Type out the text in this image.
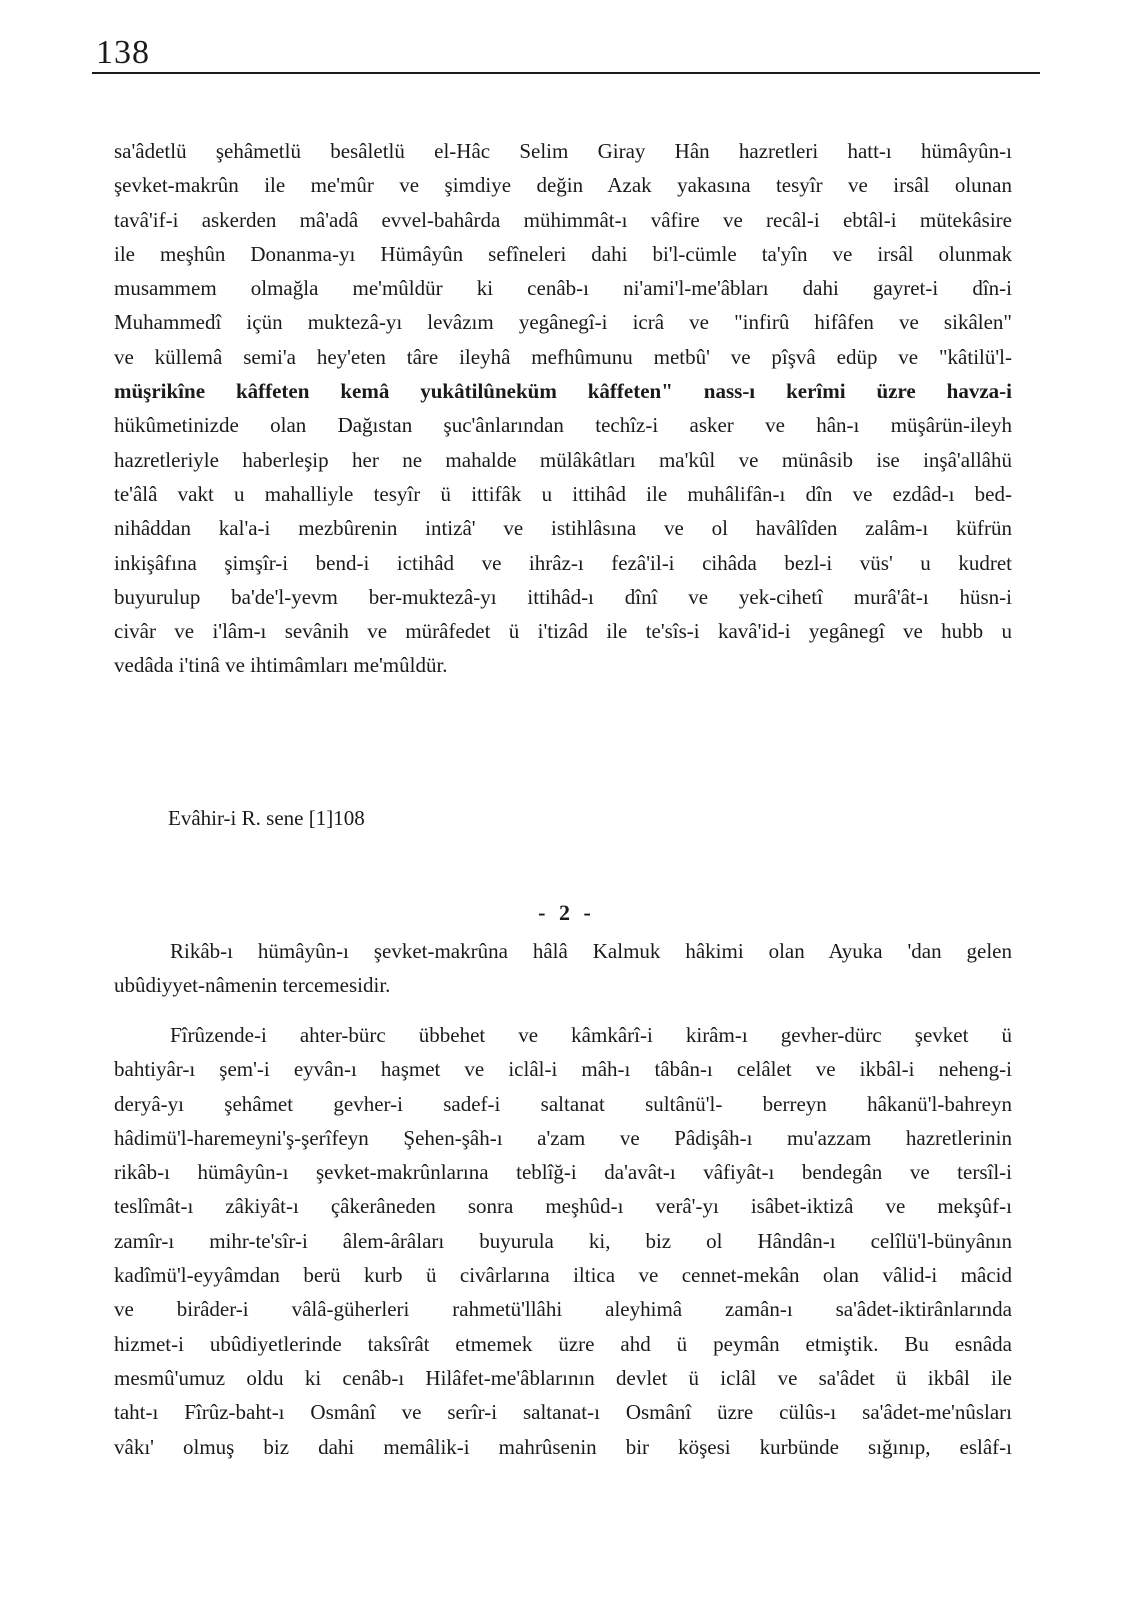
138
sa'âdetlü şehâmetlü besâletlü el-Hâc Selim Giray Hân hazretleri hatt-ı hümâyûn-ı
şevket-makrûn ile me'mûr ve şimdiye değin Azak yakasına tesyîr ve irsâl olunan
tavâ'if-i askerden mâ'adâ evvel-bahârda mühimmât-ı vâfire ve recâl-i ebtâl-i mütekâsire
ile meşhûn Donanma-yı Hümâyûn sefîneleri dahi bi'l-cümle ta'yîn ve irsâl olunmak
musammem olmağla me'mûldür ki cenâb-ı ni'ami'l-me'âbları dahi gayret-i dîn-i
Muhammedî içün muktezâ-yı levâzım yegânegî-i icrâ ve "infirû hifâfen ve sikâlen"
ve küllemâ semi'a hey'eten târe ileyhâ mefhûmunu metbû' ve pîşvâ edüp ve "kâtilü'l-
müşrikîne kâffeten kemâ yukâtilûneküm kâffeten" nass-ı kerîmi üzre havza-i
hükûmetinizde olan Dağıstan şuc'ânlarından techîz-i asker ve hân-ı müşârün-ileyh
hazretleriyle haberleşip her ne mahalde mülâkâtları ma'kûl ve münâsib ise inşâ'allâhü
te'âlâ vakt u mahalliyle tesyîr ü ittifâk u ittihâd ile muhâlifân-ı dîn ve ezdâd-ı bed-
nihâddan kal'a-i mezbûrenin intizâ' ve istihlâsına ve ol havâlîden zalâm-ı küfrün
inkişâfına şimşîr-i bend-i ictihâd ve ihrâz-ı fezâ'il-i cihâda bezl-i vüs' u kudret
buyurulup ba'de'l-yevm ber-muktezâ-yı ittihâd-ı dînî ve yek-cihetî murâ'ât-ı hüsn-i
civâr ve i'lâm-ı sevânih ve mürâfedet ü i'tizâd ile te'sîs-i kavâ'id-i yegânegî ve hubb u
vedâda i'tinâ ve ihtimâmları me'mûldür.
Evâhir-i R. sene [1]108
- 2 -
Rikâb-ı hümâyûn-ı şevket-makrûna hâlâ Kalmuk hâkimi olan Ayuka 'dan gelen
ubûdiyyet-nâmenin tercemesidir.
Fîrûzende-i ahter-bürc übbehet ve kâmkârî-i kirâm-ı gevher-dürc şevket ü
bahtiyâr-ı şem'-i eyvân-ı haşmet ve iclâl-i mâh-ı tâbân-ı celâlet ve ikbâl-i neheng-i
deryâ-yı şehâmet gevher-i sadef-i saltanat sultânü'l- berreyn hâkanü'l-bahreyn
hâdimü'l-haremeyni'ş-şerîfeyn Şehen-şâh-ı a'zam ve Pâdişâh-ı mu'azzam hazretlerinin
rikâb-ı hümâyûn-ı şevket-makrûnlarına teblîğ-i da'avât-ı vâfiyât-ı bendegân ve tersîl-i
teslîmât-ı zâkiyât-ı çâkerâneden sonra meşhûd-ı verâ'-yı isâbet-iktizâ ve mekşûf-ı
zamîr-ı mihr-te'sîr-i âlem-ârâları buyurula ki, biz ol Hândân-ı celîlü'l-bünyânın
kadîmü'l-eyyâmdan berü kurb ü civârlarına iltica ve cennet-mekân olan vâlid-i mâcid
ve birâder-i vâlâ-güherleri rahmetü'llâhi aleyhimâ zamân-ı sa'âdet-iktirânlarında
hizmet-i ubûdiyetlerinde taksîrât etmemek üzre ahd ü peymân etmiştik. Bu esnâda
mesmû'umuz oldu ki cenâb-ı Hilâfet-me'âblarının devlet ü iclâl ve sa'âdet ü ikbâl ile
taht-ı Fîrûz-baht-ı Osmânî ve serîr-i saltanat-ı Osmânî üzre cülûs-ı sa'âdet-me'nûsları
vâkı' olmuş biz dahi memâlik-i mahrûsenin bir köşesi kurbünde sığınıp, eslâf-ı
